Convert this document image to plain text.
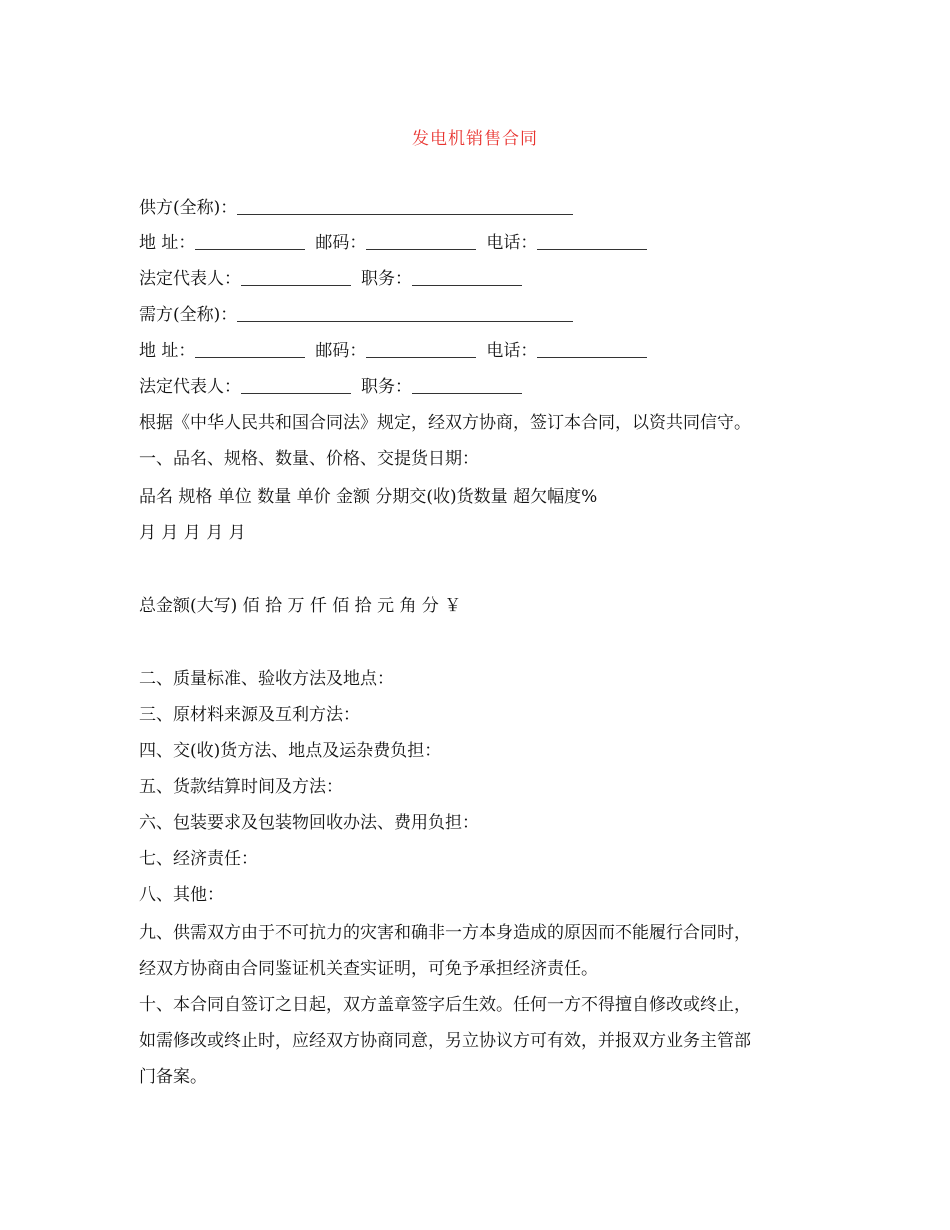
发电机销售合同
供方(全称)：
地 址：	邮码：	电话：
法定代表人：	职务：
需方(全称)：
地 址：	邮码：	电话：
法定代表人：	职务：
根据《中华人民共和国合同法》规定，经双方协商，签订本合同，以资共同信守。
一、品名、规格、数量、价格、交提货日期：
品名 规格 单位 数量 单价 金额 分期交(收)货数量 超欠幅度%
月 月 月 月 月
总金额(大写) 佰 拾 万 仟 佰 拾 元 角 分 ￥
二、质量标准、验收方法及地点：
三、原材料来源及互利方法：
四、交(收)货方法、地点及运杂费负担：
五、货款结算时间及方法：
六、包装要求及包装物回收办法、费用负担：
七、经济责任：
八、其他：
九、供需双方由于不可抗力的灾害和确非一方本身造成的原因而不能履行合同时，
经双方协商由合同鉴证机关查实证明，可免予承担经济责任。
十、本合同自签订之日起，双方盖章签字后生效。任何一方不得擅自修改或终止，
如需修改或终止时，应经双方协商同意，另立协议方可有效，并报双方业务主管部
门备案。
